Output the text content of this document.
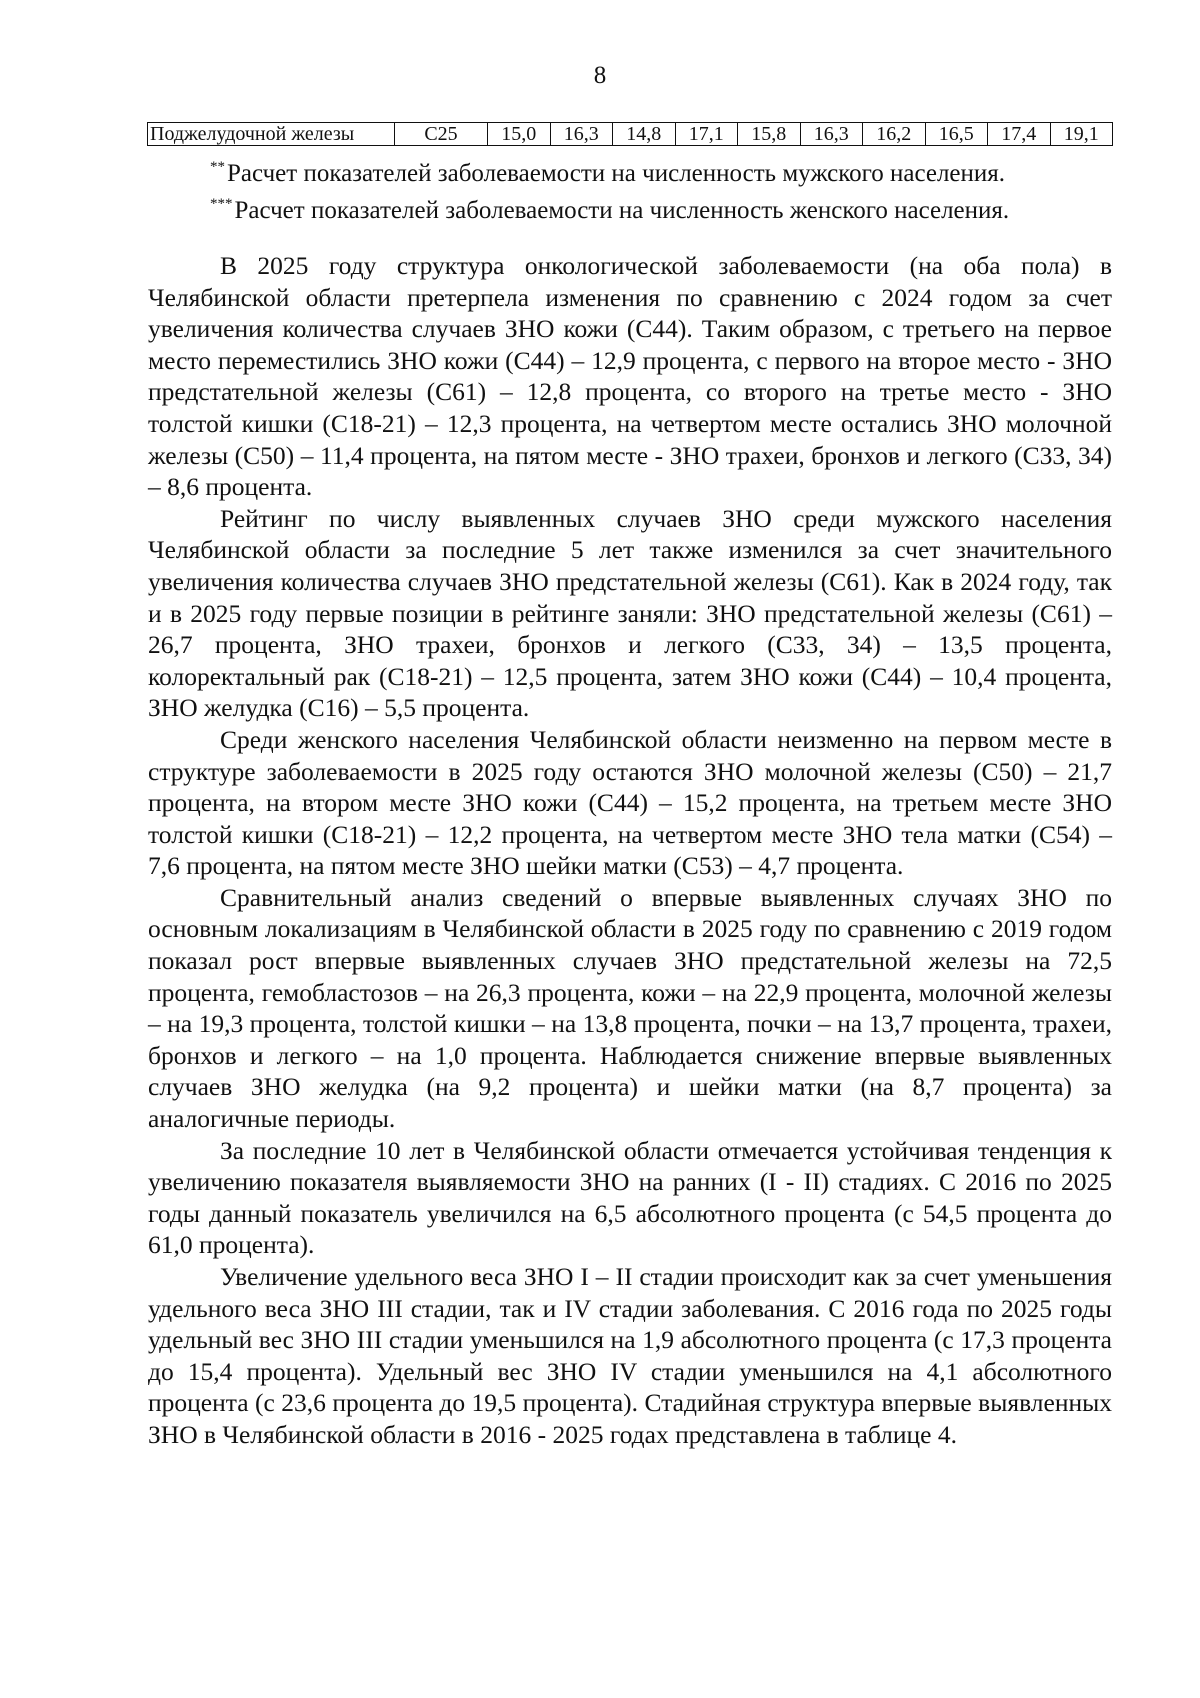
8
Поджелудочной железы	С25	15,0	16,3	14,8	17,1	15,8	16,3	16,2	16,5	17,4	19,1
**Расчет показателей заболеваемости на численность мужского населения.
***Расчет показателей заболеваемости на численность женского населения.

В 2025 году структура онкологической заболеваемости (на оба пола) в Челябинской области претерпела изменения по сравнению с 2024 годом за счет увеличения количества случаев ЗНО кожи (С44). Таким образом, с третьего на первое место переместились ЗНО кожи (С44) – 12,9 процента, с первого на второе место - ЗНО предстательной железы (С61) – 12,8 процента, со второго на третье место - ЗНО толстой кишки (С18-21) – 12,3 процента, на четвертом месте остались ЗНО молочной железы (С50) – 11,4 процента, на пятом месте - ЗНО трахеи, бронхов и легкого (С33, 34) – 8,6 процента.

Рейтинг по числу выявленных случаев ЗНО среди мужского населения Челябинской области за последние 5 лет также изменился за счет значительного увеличения количества случаев ЗНО предстательной железы (С61). Как в 2024 году, так и в 2025 году первые позиции в рейтинге заняли: ЗНО предстательной железы (С61) – 26,7 процента, ЗНО трахеи, бронхов и легкого (С33, 34) – 13,5 процента, колоректальный рак (С18-21) – 12,5 процента, затем ЗНО кожи (С44) – 10,4 процента, ЗНО желудка (С16) – 5,5 процента.

Среди женского населения Челябинской области неизменно на первом месте в структуре заболеваемости в 2025 году остаются ЗНО молочной железы (С50) – 21,7 процента, на втором месте ЗНО кожи (С44) – 15,2 процента, на третьем месте ЗНО толстой кишки (С18-21) – 12,2 процента, на четвертом месте ЗНО тела матки (С54) – 7,6 процента, на пятом месте ЗНО шейки матки (С53) – 4,7 процента.

Сравнительный анализ сведений о впервые выявленных случаях ЗНО по основным локализациям в Челябинской области в 2025 году по сравнению с 2019 годом показал рост впервые выявленных случаев ЗНО предстательной железы на 72,5 процента, гемобластозов – на 26,3 процента, кожи – на 22,9 процента, молочной железы – на 19,3 процента, толстой кишки – на 13,8 процента, почки – на 13,7 процента, трахеи, бронхов и легкого – на 1,0 процента. Наблюдается снижение впервые выявленных случаев ЗНО желудка (на 9,2 процента) и шейки матки (на 8,7 процента) за аналогичные периоды.

За последние 10 лет в Челябинской области отмечается устойчивая тенденция к увеличению показателя выявляемости ЗНО на ранних (I - II) стадиях. С 2016 по 2025 годы данный показатель увеличился на 6,5 абсолютного процента (с 54,5 процента до 61,0 процента).

Увеличение удельного веса ЗНО I – II стадии происходит как за счет уменьшения удельного веса ЗНО III стадии, так и IV стадии заболевания. С 2016 года по 2025 годы удельный вес ЗНО III стадии уменьшился на 1,9 абсолютного процента (с 17,3 процента до 15,4 процента). Удельный вес ЗНО IV стадии уменьшился на 4,1 абсолютного процента (с 23,6 процента до 19,5 процента). Стадийная структура впервые выявленных ЗНО в Челябинской области в 2016 - 2025 годах представлена в таблице 4.
